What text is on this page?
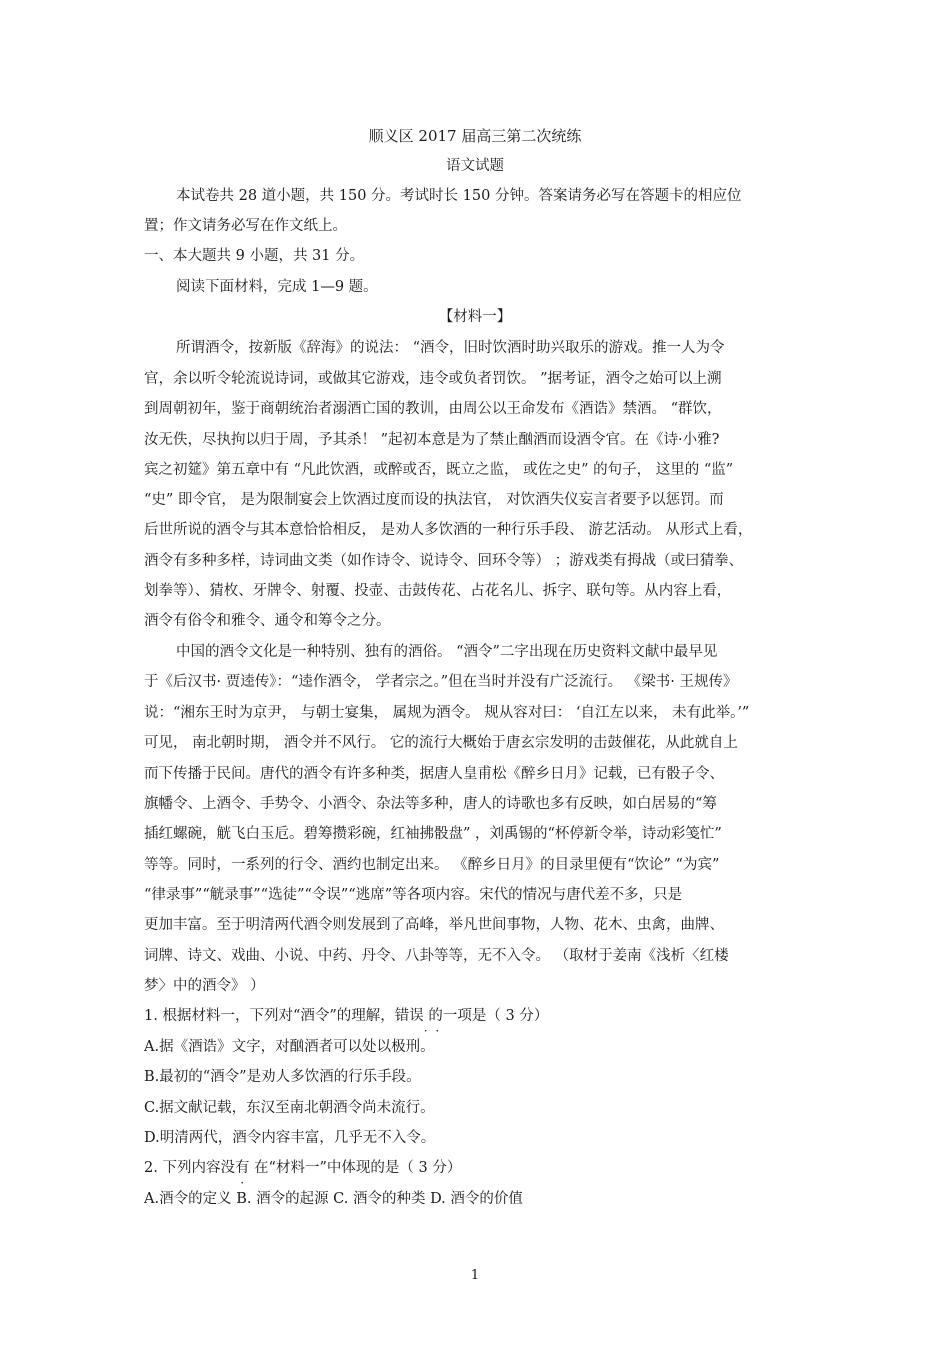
顺义区 2017 届高三第二次统练
语文试题
本试卷共 28 道小题，共 150 分。考试时长 150 分钟。答案请务必写在答题卡的相应位
置；作文请务必写在作文纸上。
一、本大题共 9 小题，共 31 分。
阅读下面材料，完成 1—9 题。
【材料一】
所谓酒令，按新版《辞海》的说法： “酒令，旧时饮酒时助兴取乐的游戏。推一人为令
官，余以听令轮流说诗词，或做其它游戏，违令或负者罚饮。 ”据考证，酒令之始可以上溯
到周朝初年，鉴于商朝统治者溺酒亡国的教训，由周公以王命发布《酒诰》禁酒。 “群饮，
汝无佚，尽执拘以归于周，予其杀！ ”起初本意是为了禁止酗酒而设酒令官。在《诗·小雅?
宾之初筵》第五章中有 “凡此饮酒，或醉或否，既立之监， 或佐之史” 的句子， 这里的 “监”
“史” 即令官， 是为限制宴会上饮酒过度而设的执法官， 对饮酒失仪妄言者要予以惩罚。而
后世所说的酒令与其本意恰恰相反， 是劝人多饮酒的一种行乐手段、 游艺活动。 从形式上看，
酒令有多种多样，诗词曲文类（如作诗令、说诗令、回环令等） ；游戏类有拇战（或曰猜拳、
划拳等）、猜枚、牙牌令、射覆、投壶、击鼓传花、占花名儿、拆字、联句等。从内容上看，
酒令有俗令和雅令、通令和筹令之分。
中国的酒令文化是一种特别、独有的酒俗。 “酒令”二字出现在历史资料文献中最早见
于《后汉书· 贾逵传》：“逵作酒令， 学者宗之。”但在当时并没有广泛流行。 《梁书· 王规传》
说：“湘东王时为京尹， 与朝士宴集， 属规为酒令。 规从容对曰： ‘自江左以来， 未有此举。’”
可见， 南北朝时期， 酒令并不风行。 它的流行大概始于唐玄宗发明的击鼓催花，从此就自上
而下传播于民间。唐代的酒令有许多种类，据唐人皇甫松《醉乡日月》记载，已有骰子令、
旗幡令、上酒令、手势令、小酒令、杂法等多种，唐人的诗歌也多有反映，如白居易的“筹
插红螺碗，觥飞白玉卮。碧筹攒彩碗，红袖拂骰盘” ，刘禹锡的“杯停新令举，诗动彩笺忙”
等等。同时，一系列的行令、酒约也制定出来。 《醉乡日月》的目录里便有“饮论” “为宾”
“律录事”“觥录事”“选徒”“令误”“逃席”等各项内容。宋代的情况与唐代差不多，只是
更加丰富。至于明清两代酒令则发展到了高峰，举凡世间事物，人物、花木、虫禽，曲牌、
词牌、诗文、戏曲、小说、中药、丹令、八卦等等，无不入令。 （取材于姜南《浅析〈红楼
梦〉中的酒令》 ）
1. 根据材料一，下列对“酒令”的理解，错误 · · 的一项是（ 3 分）
A.据《酒诰》文字，对酗酒者可以处以极刑。
B.最初的“酒令”是劝人多饮酒的行乐手段。
C.据文献记载，东汉至南北朝酒令尚未流行。
D.明清两代，酒令内容丰富，几乎无不入令。
2. 下列内容没有 在“材料一”中体现的是（ 3 分）
A.酒令的定义 B. 酒令的起源 C. 酒令的种类 D. 酒令的价值
1
